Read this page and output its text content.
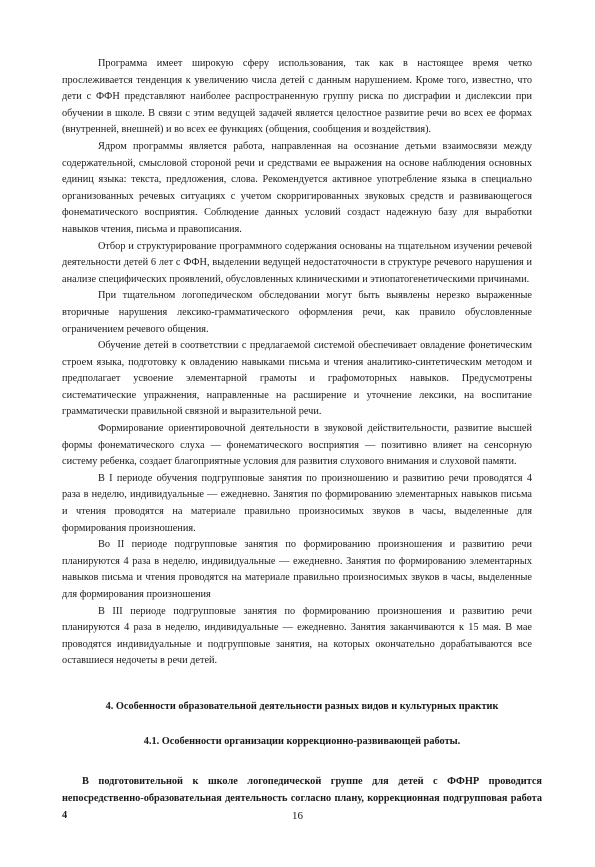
Программа имеет широкую сферу использования, так как в настоящее время четко прослеживается тенденция к увеличению числа детей с данным нарушением. Кроме того, известно, что дети с ФФН представляют наиболее распространенную группу риска по дисграфии и дислексии при обучении в школе. В связи с этим ведущей задачей является целостное развитие речи во всех ее формах (внутренней, внешней) и во всех ее функциях (общения, сообщения и воздействия).

Ядром программы является работа, направленная на осознание детьми взаимосвязи между содержательной, смысловой стороной речи и средствами ее выражения на основе наблюдения основных единиц языка: текста, предложения, слова. Рекомендуется активное употребление языка в специально организованных речевых ситуациях с учетом скорригированных звуковых средств и развивающегося фонематического восприятия. Соблюдение данных условий создаст надежную базу для выработки навыков чтения, письма и правописания.

Отбор и структурирование программного содержания основаны на тщательном изучении речевой деятельности детей 6 лет с ФФН, выделении ведущей недостаточности в структуре речевого нарушения и анализе специфических проявлений, обусловленных клиническими и этиопатогенетическими причинами.

При тщательном логопедическом обследовании могут быть выявлены нерезко выраженные вторичные нарушения лексико-грамматического оформления речи, как правило обусловленные ограничением речевого общения.

Обучение детей в соответствии с предлагаемой системой обеспечивает овладение фонетическим строем языка, подготовку к овладению навыками письма и чтения аналитико-синтетическим методом и предполагает усвоение элементарной грамоты и графомоторных навыков. Предусмотрены систематические упражнения, направленные на расширение и уточнение лексики, на воспитание грамматически правильной связной и выразительной речи.

Формирование ориентировочной деятельности в звуковой действительности, развитие высшей формы фонематического слуха — фонематического восприятия — позитивно влияет на сенсорную систему ребенка, создает благоприятные условия для развития слухового внимания и слуховой памяти.

В I периоде обучения подгрупповые занятия по произношению и развитию речи проводятся 4 раза в неделю, индивидуальные — ежедневно. Занятия по формированию элементарных навыков письма и чтения проводятся на материале правильно произносимых звуков в часы, выделенные для формирования произношения.

Во II периоде подгрупповые занятия по формированию произношения и развитию речи планируются 4 раза в неделю, индивидуальные — ежедневно. Занятия по формированию элементарных навыков письма и чтения проводятся на материале правильно произносимых звуков в часы, выделенные для формирования произношения

В III периоде подгрупповые занятия по формированию произношения и развитию речи планируются 4 раза в неделю, индивидуальные — ежедневно. Занятия заканчиваются к 15 мая. В мае проводятся индивидуальные и подгрупповые занятия, на которых окончательно дорабатываются все оставшиеся недочеты в речи детей.

4. Особенности образовательной деятельности разных видов и культурных практик
4.1. Особенности организации коррекционно-развивающей работы.

В подготовительной к школе логопедической группе для детей с ФФНР проводится непосредственно-образовательная деятельность согласно плану, коррекционная подгрупповая работа 4	16
